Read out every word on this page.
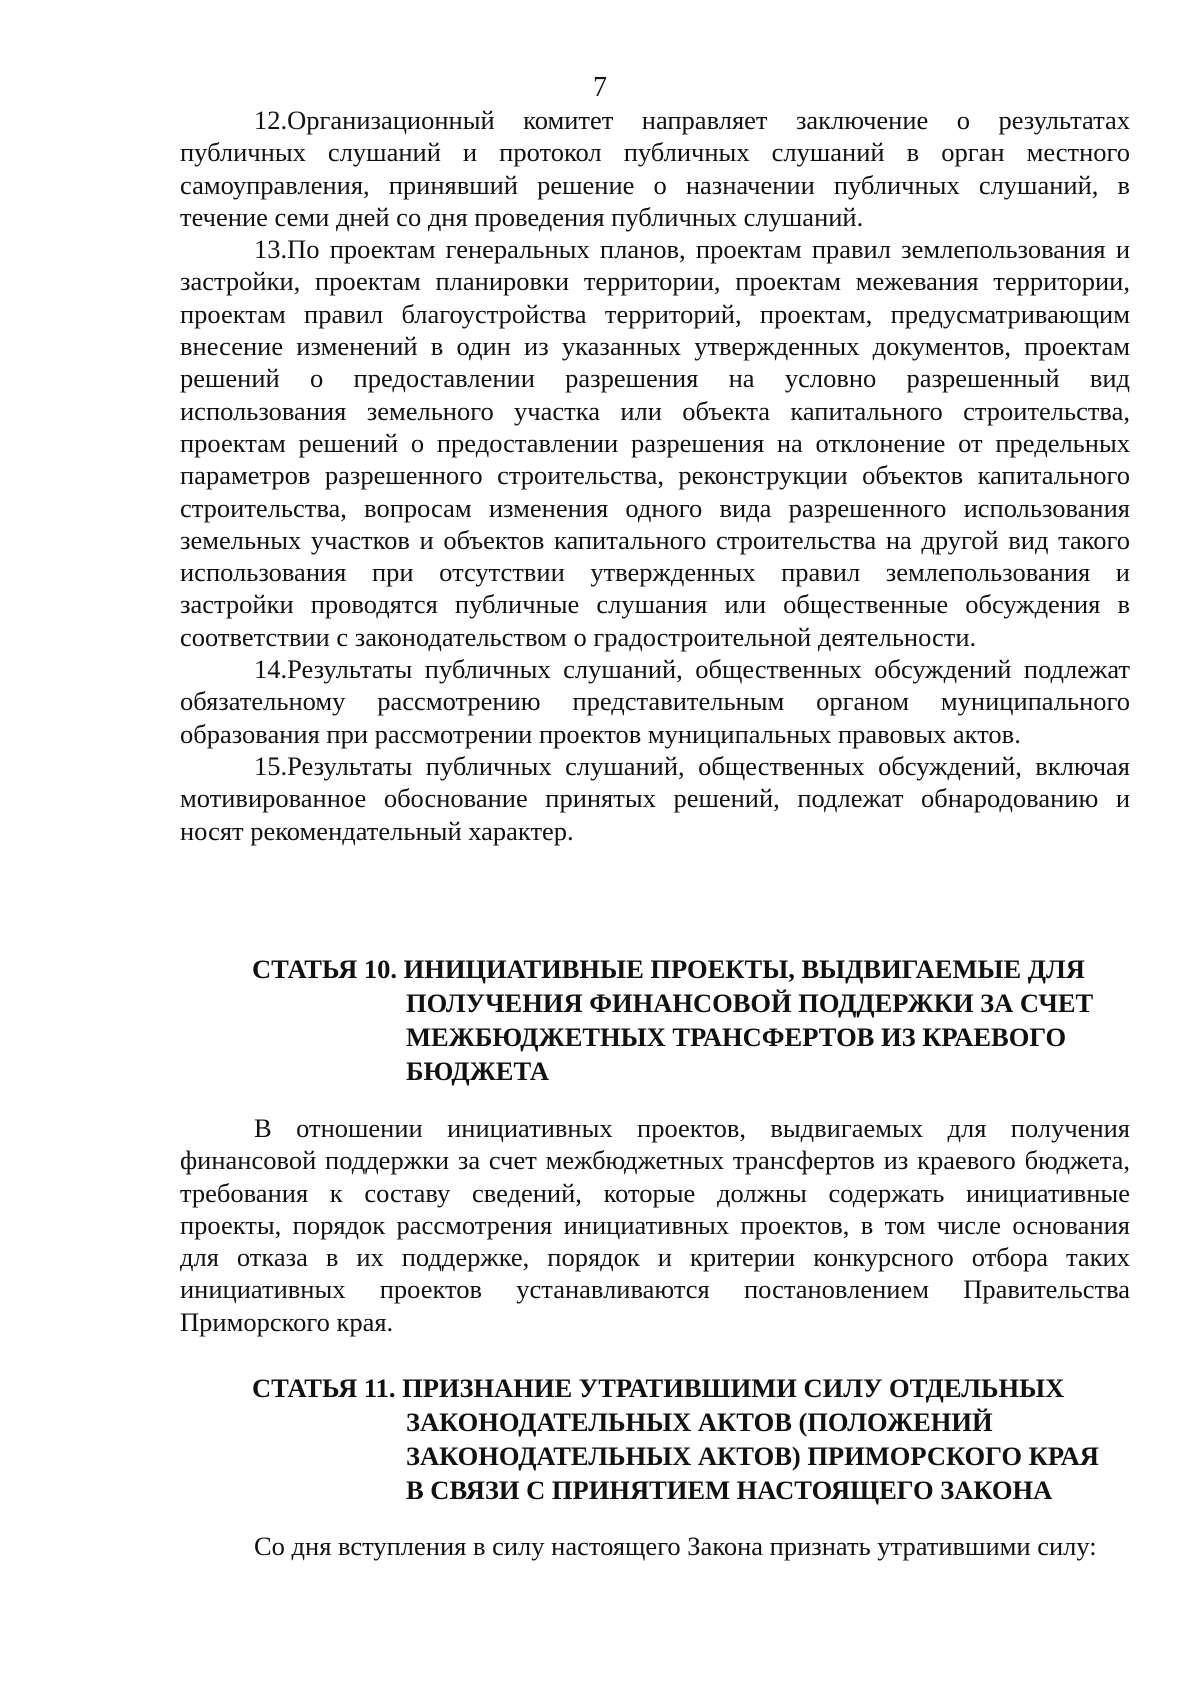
7

12.Организационный комитет направляет заключение о результатах публичных слушаний и протокол публичных слушаний в орган местного самоуправления, принявший решение о назначении публичных слушаний, в течение семи дней со дня проведения публичных слушаний.

13.По проектам генеральных планов, проектам правил землепользования и застройки, проектам планировки территории, проектам межевания территории, проектам правил благоустройства территорий, проектам, предусматривающим внесение изменений в один из указанных утвержденных документов, проектам решений о предоставлении разрешения на условно разрешенный вид использования земельного участка или объекта капитального строительства, проектам решений о предоставлении разрешения на отклонение от предельных параметров разрешенного строительства, реконструкции объектов капитального строительства, вопросам изменения одного вида разрешенного использования земельных участков и объектов капитального строительства на другой вид такого использования при отсутствии утвержденных правил землепользования и застройки проводятся публичные слушания или общественные обсуждения в соответствии с законодательством о градостроительной деятельности.

14.Результаты публичных слушаний, общественных обсуждений подлежат обязательному рассмотрению представительным органом муниципального образования при рассмотрении проектов муниципальных правовых актов.

15.Результаты публичных слушаний, общественных обсуждений, включая мотивированное обоснование принятых решений, подлежат обнародованию и носят рекомендательный характер.

СТАТЬЯ 10. ИНИЦИАТИВНЫЕ ПРОЕКТЫ, ВЫДВИГАЕМЫЕ ДЛЯ
ПОЛУЧЕНИЯ ФИНАНСОВОЙ ПОДДЕРЖКИ ЗА СЧЕТ
МЕЖБЮДЖЕТНЫХ ТРАНСФЕРТОВ ИЗ КРАЕВОГО
БЮДЖЕТА

В отношении инициативных проектов, выдвигаемых для получения финансовой поддержки за счет межбюджетных трансфертов из краевого бюджета, требования к составу сведений, которые должны содержать инициативные проекты, порядок рассмотрения инициативных проектов, в том числе основания для отказа в их поддержке, порядок и критерии конкурсного отбора таких инициативных проектов устанавливаются постановлением Правительства Приморского края.

СТАТЬЯ 11. ПРИЗНАНИЕ УТРАТИВШИМИ СИЛУ ОТДЕЛЬНЫХ
ЗАКОНОДАТЕЛЬНЫХ АКТОВ (ПОЛОЖЕНИЙ
ЗАКОНОДАТЕЛЬНЫХ АКТОВ) ПРИМОРСКОГО КРАЯ
В СВЯЗИ С ПРИНЯТИЕМ НАСТОЯЩЕГО ЗАКОНА

Со дня вступления в силу настоящего Закона признать утратившими силу:
